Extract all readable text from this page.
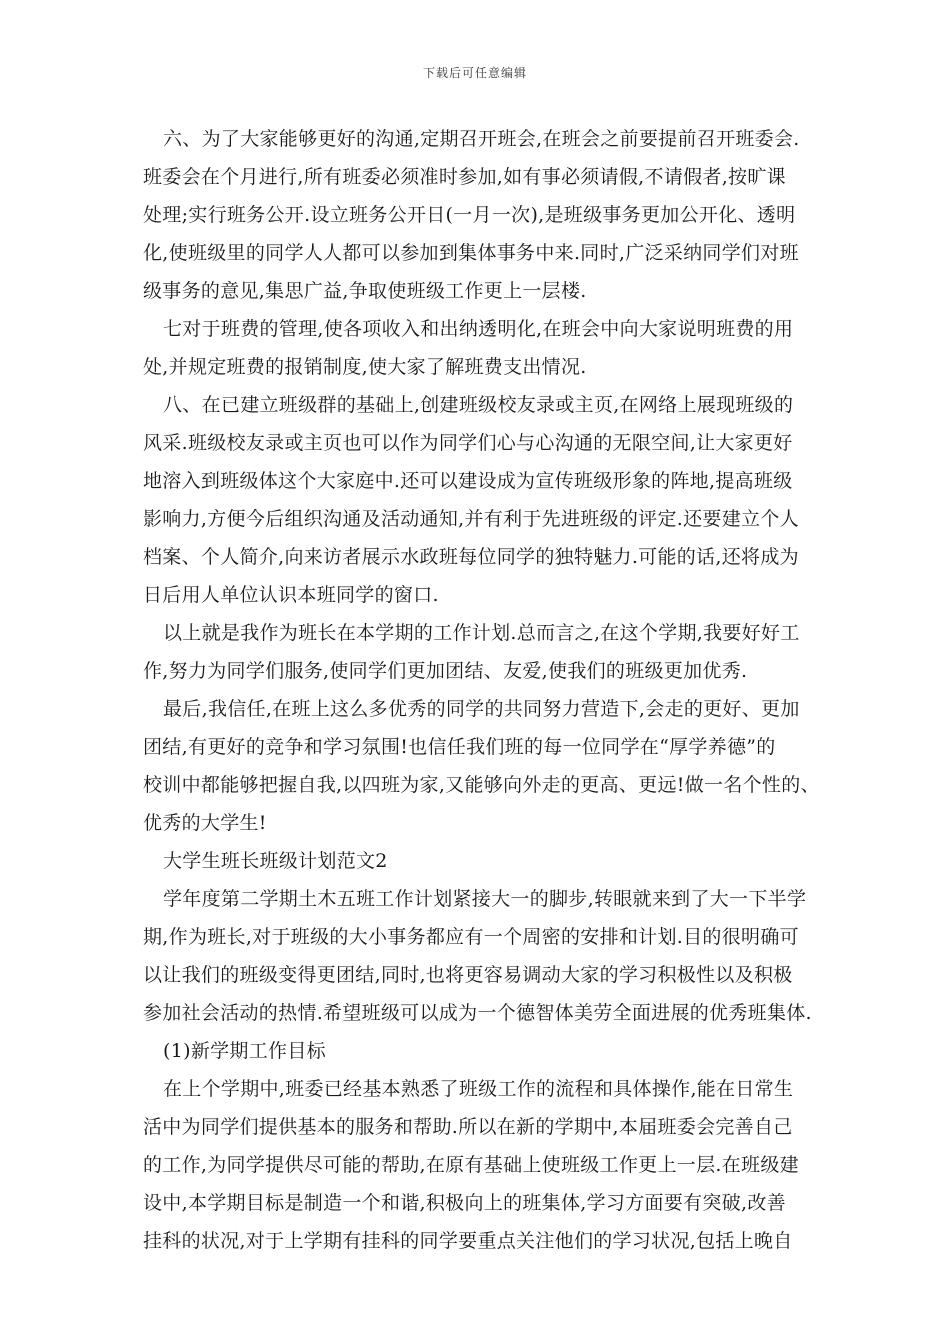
下载后可任意编辑
六、为了大家能够更好的沟通,定期召开班会,在班会之前要提前召开班委会.
班委会在个月进行,所有班委必须准时参加,如有事必须请假,不请假者,按旷课
处理;实行班务公开.设立班务公开日(一月一次),是班级事务更加公开化、透明
化,使班级里的同学人人都可以参加到集体事务中来.同时,广泛采纳同学们对班
级事务的意见,集思广益,争取使班级工作更上一层楼.
七对于班费的管理,使各项收入和出纳透明化,在班会中向大家说明班费的用
处,并规定班费的报销制度,使大家了解班费支出情况.
八、在已建立班级群的基础上,创建班级校友录或主页,在网络上展现班级的
风采.班级校友录或主页也可以作为同学们心与心沟通的无限空间,让大家更好
地溶入到班级体这个大家庭中.还可以建设成为宣传班级形象的阵地,提高班级
影响力,方便今后组织沟通及活动通知,并有利于先进班级的评定.还要建立个人
档案、个人简介,向来访者展示水政班每位同学的独特魅力.可能的话,还将成为
日后用人单位认识本班同学的窗口.
以上就是我作为班长在本学期的工作计划.总而言之,在这个学期,我要好好工
作,努力为同学们服务,使同学们更加团结、友爱,使我们的班级更加优秀.
最后,我信任,在班上这么多优秀的同学的共同努力营造下,会走的更好、更加
团结,有更好的竞争和学习氛围!也信任我们班的每一位同学在“厚学养德”的
校训中都能够把握自我,以四班为家,又能够向外走的更高、更远!做一名个性的、
优秀的大学生!
大学生班长班级计划范文2
学年度第二学期土木五班工作计划紧接大一的脚步,转眼就来到了大一下半学
期,作为班长,对于班级的大小事务都应有一个周密的安排和计划.目的很明确可
以让我们的班级变得更团结,同时,也将更容易调动大家的学习积极性以及积极
参加社会活动的热情.希望班级可以成为一个德智体美劳全面进展的优秀班集体.
(1)新学期工作目标
在上个学期中,班委已经基本熟悉了班级工作的流程和具体操作,能在日常生
活中为同学们提供基本的服务和帮助.所以在新的学期中,本届班委会完善自己
的工作,为同学提供尽可能的帮助,在原有基础上使班级工作更上一层.在班级建
设中,本学期目标是制造一个和谐,积极向上的班集体,学习方面要有突破,改善
挂科的状况,对于上学期有挂科的同学要重点关注他们的学习状况,包括上晚自
